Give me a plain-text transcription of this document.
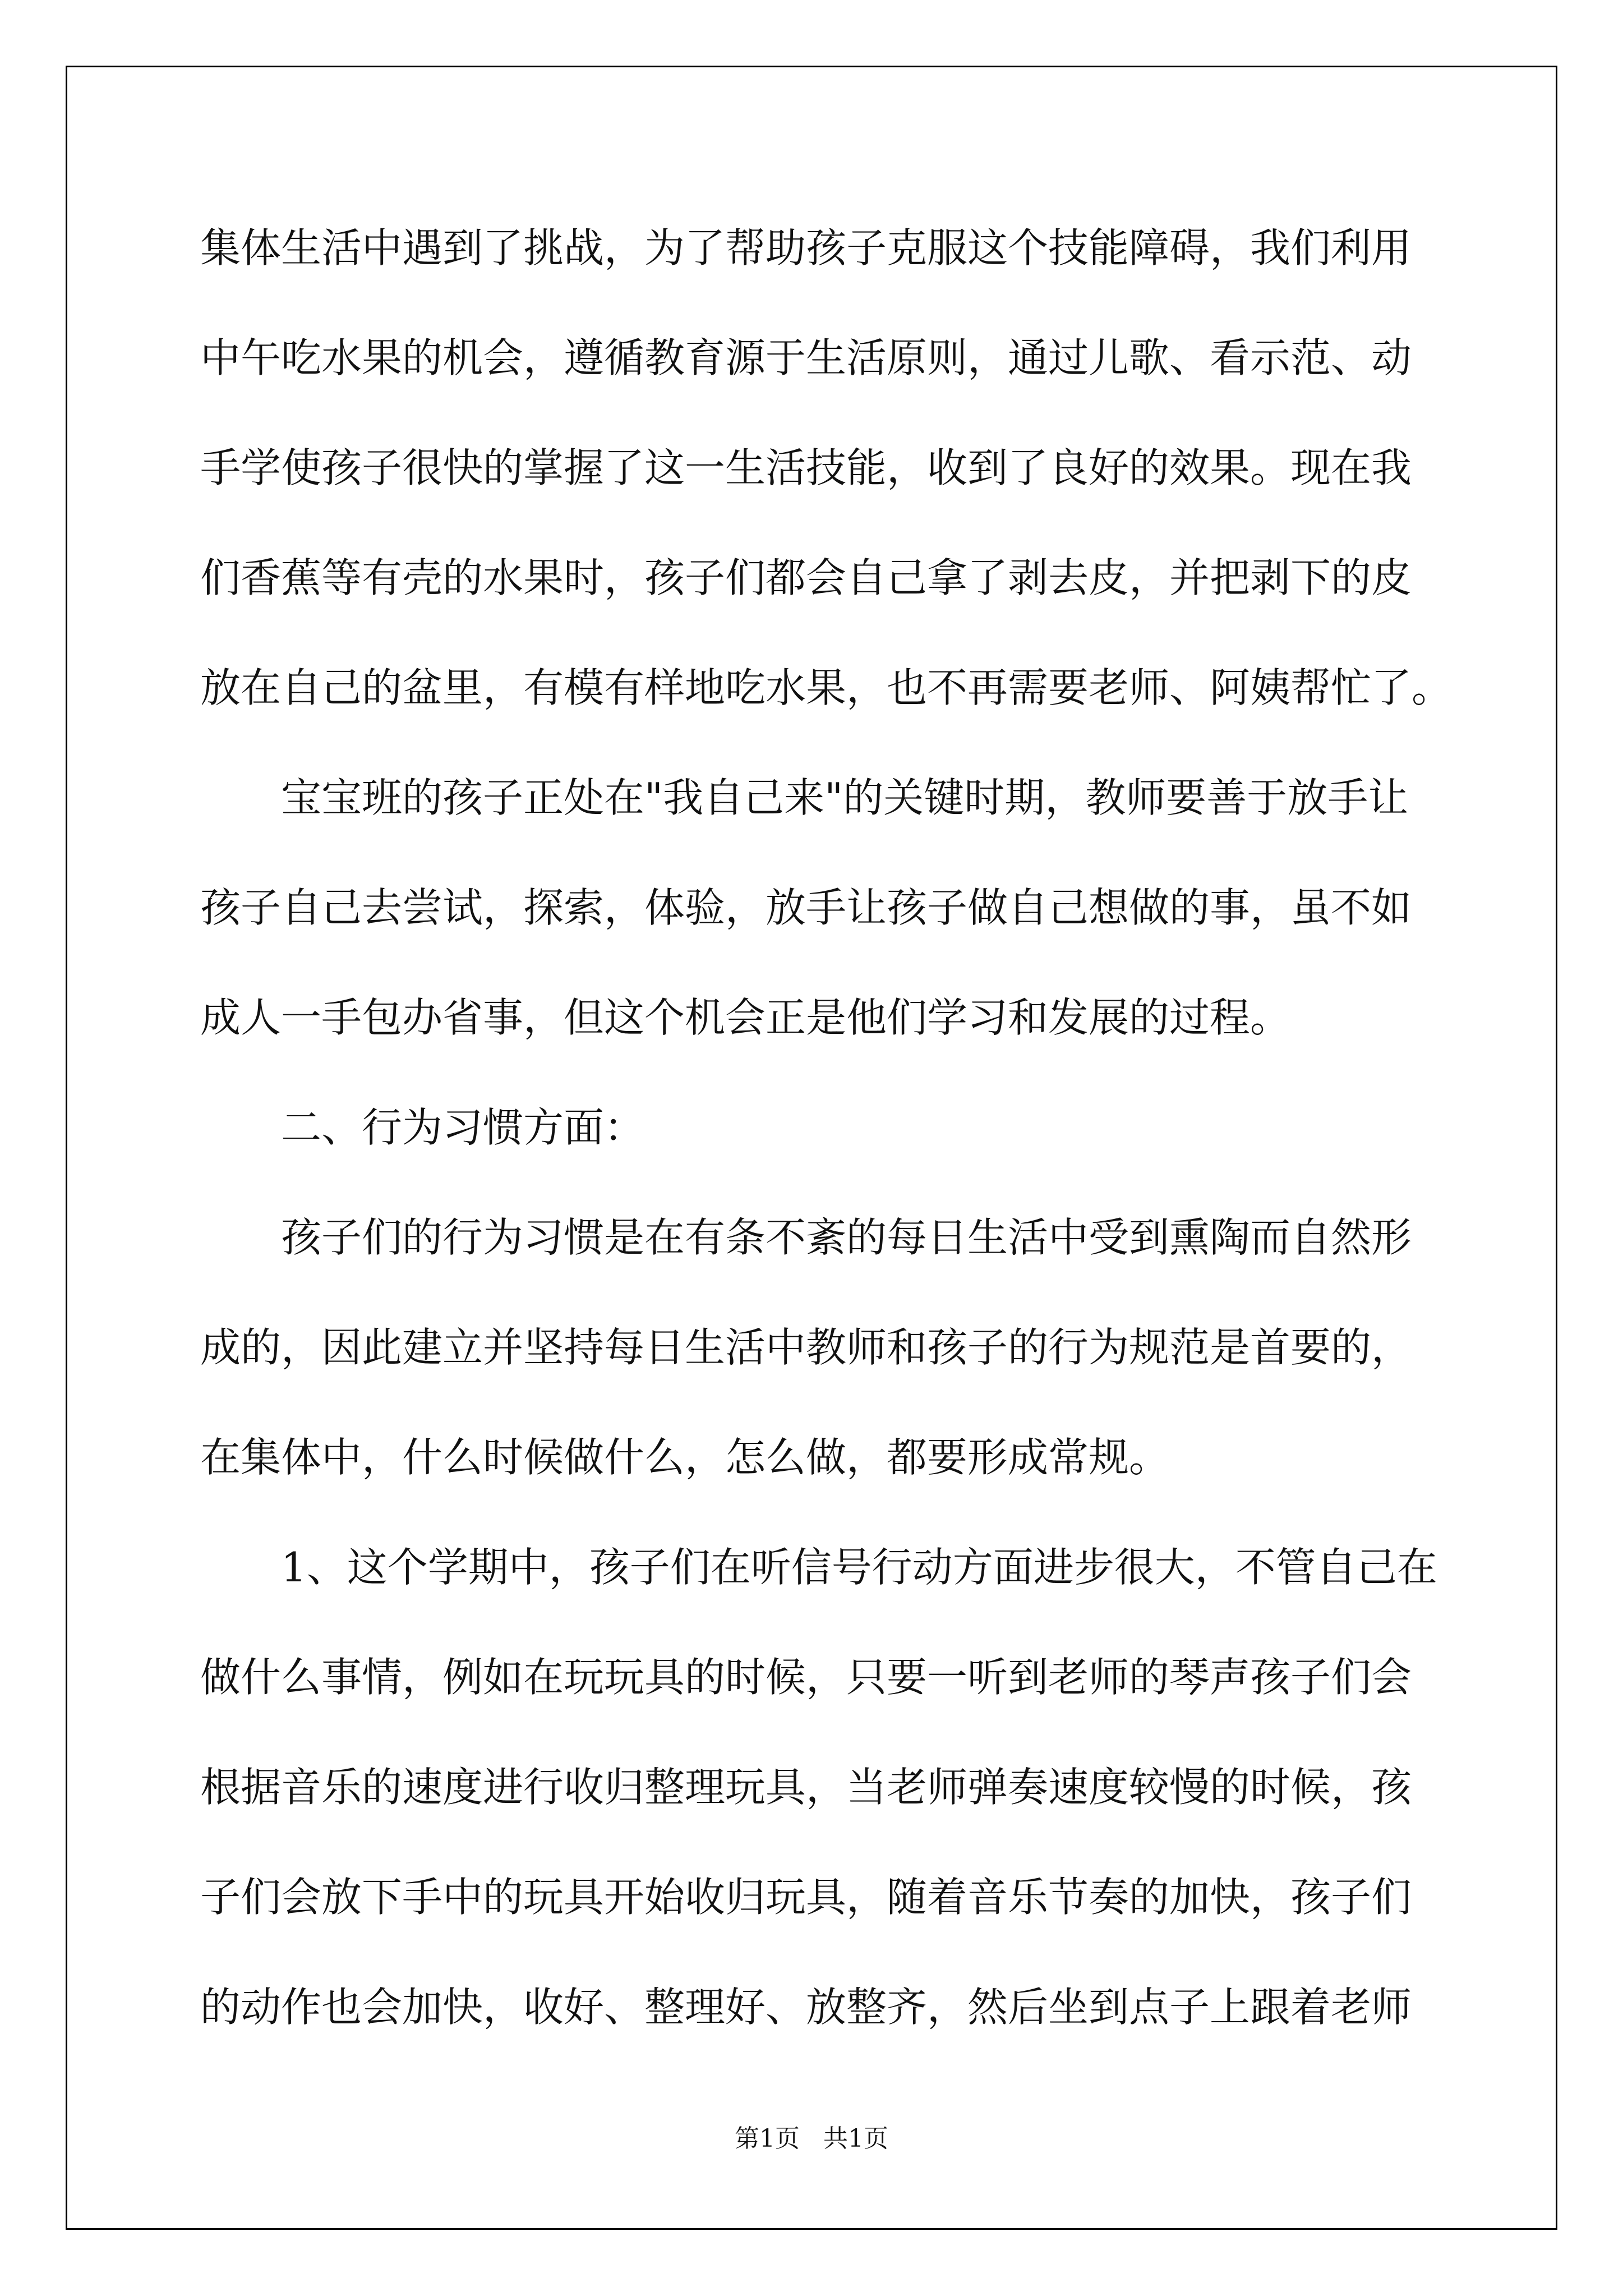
集体生活中遇到了挑战，为了帮助孩子克服这个技能障碍，我们利用
中午吃水果的机会，遵循教育源于生活原则，通过儿歌、看示范、动
手学使孩子很快的掌握了这一生活技能，收到了良好的效果。现在我
们香蕉等有壳的水果时，孩子们都会自己拿了剥去皮，并把剥下的皮
放在自己的盆里，有模有样地吃水果，也不再需要老师、阿姨帮忙了。
宝宝班的孩子正处在"我自己来"的关键时期，教师要善于放手让
孩子自己去尝试，探索，体验，放手让孩子做自己想做的事，虽不如
成人一手包办省事，但这个机会正是他们学习和发展的过程。
二、行为习惯方面：
孩子们的行为习惯是在有条不紊的每日生活中受到熏陶而自然形
成的，因此建立并坚持每日生活中教师和孩子的行为规范是首要的，
在集体中，什么时候做什么，怎么做，都要形成常规。
1、这个学期中，孩子们在听信号行动方面进步很大，不管自己在
做什么事情，例如在玩玩具的时候，只要一听到老师的琴声孩子们会
根据音乐的速度进行收归整理玩具，当老师弹奏速度较慢的时候，孩
子们会放下手中的玩具开始收归玩具，随着音乐节奏的加快，孩子们
的动作也会加快，收好、整理好、放整齐，然后坐到点子上跟着老师
第1页   共1页
